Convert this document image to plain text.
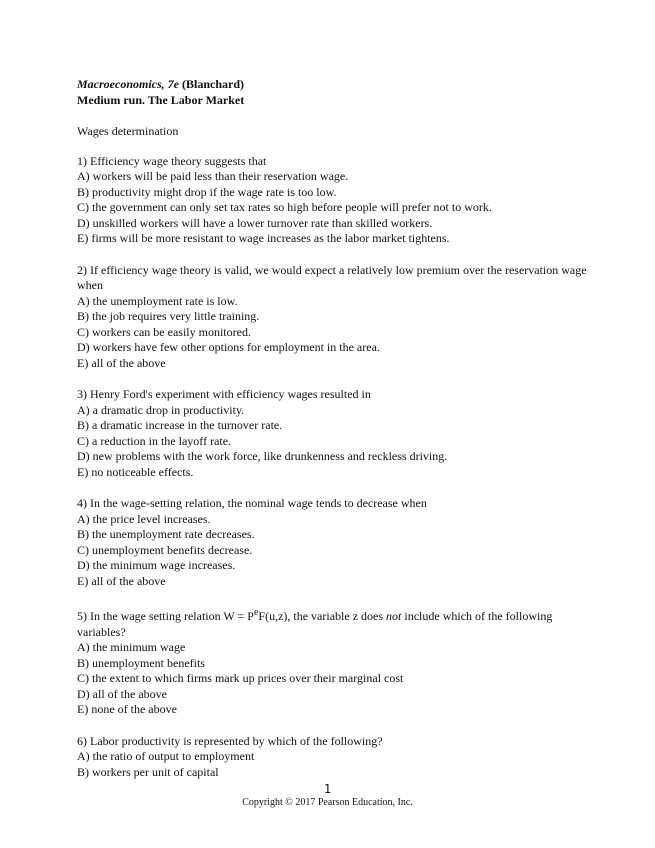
Macroeconomics, 7e (Blanchard)
Medium run. The Labor Market
Wages determination
1) Efficiency wage theory suggests that
A) workers will be paid less than their reservation wage.
B) productivity might drop if the wage rate is too low.
C) the government can only set tax rates so high before people will prefer not to work.
D) unskilled workers will have a lower turnover rate than skilled workers.
E) firms will be more resistant to wage increases as the labor market tightens.
2) If efficiency wage theory is valid, we would expect a relatively low premium over the reservation wage when
A) the unemployment rate is low.
B) the job requires very little training.
C) workers can be easily monitored.
D) workers have few other options for employment in the area.
E) all of the above
3) Henry Ford's experiment with efficiency wages resulted in
A) a dramatic drop in productivity.
B) a dramatic increase in the turnover rate.
C) a reduction in the layoff rate.
D) new problems with the work force, like drunkenness and reckless driving.
E) no noticeable effects.
4) In the wage-setting relation, the nominal wage tends to decrease when
A) the price level increases.
B) the unemployment rate decreases.
C) unemployment benefits decrease.
D) the minimum wage increases.
E) all of the above
5) In the wage setting relation $W = P^eF(u,z)$, the variable z does not include which of the following variables?
A) the minimum wage
B) unemployment benefits
C) the extent to which firms mark up prices over their marginal cost
D) all of the above
E) none of the above
6) Labor productivity is represented by which of the following?
A) the ratio of output to employment
B) workers per unit of capital
1
Copyright © 2017 Pearson Education, Inc.
